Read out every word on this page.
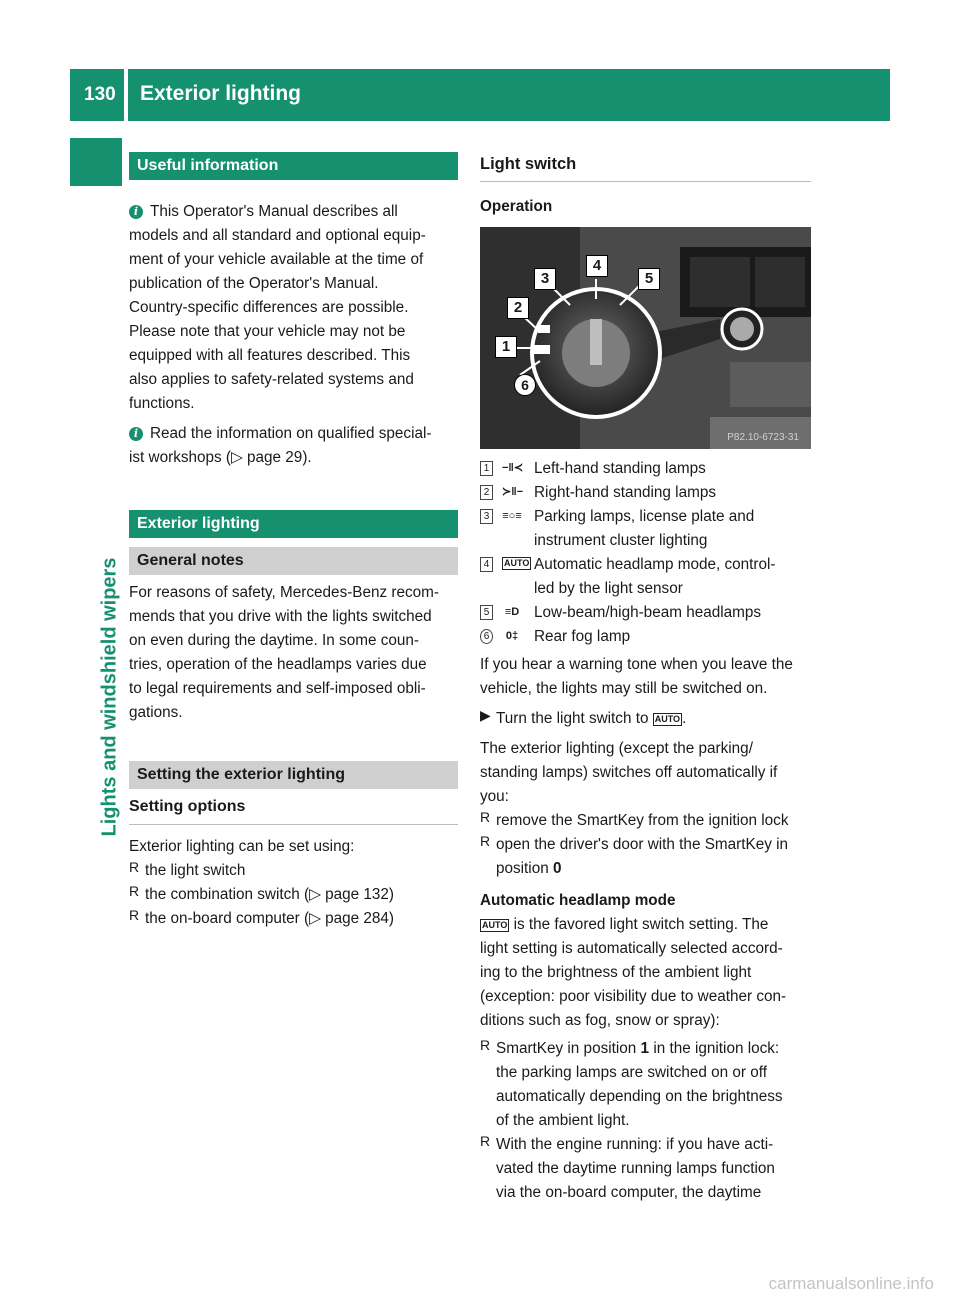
130 Exterior lighting
Lights and windshield wipers
Useful information
i This Operator's Manual describes all

models and all standard and optional equip-

ment of your vehicle available at the time of

publication of the Operator's Manual.

Country-specific differences are possible.

Please note that your vehicle may not be

equipped with all features described. This

also applies to safety-related systems and

functions.

i Read the information on qualified special-

ist workshops (▷ page 29).

Exterior lighting
General notes

For reasons of safety, Mercedes-Benz recom-

mends that you drive with the lights switched

on even during the daytime. In some coun-

tries, operation of the headlamps varies due

to legal requirements and self-imposed obli-

gations.

Setting the exterior lighting
Setting options

Exterior lighting can be set using:

R the light switch

R the combination switch (▷ page 132)

R the on-board computer (▷ page 284)

Light switch

Operation

1
2
3
4
5
6
P82.10-6723-31
1	−‖≺ Left-hand standing lamps

2	≻‖− Right-hand standing lamps

3	≡○≡ Parking lamps, license plate and

instrument cluster lighting

4	AUTO Automatic headlamp mode, control-

led by the light sensor

5	≡D Low-beam/high-beam headlamps

6	0‡ Rear fog lamp

If you hear a warning tone when you leave the

vehicle, the lights may still be switched on.

▶ Turn the light switch to AUTO .

The exterior lighting (except the parking/

standing lamps) switches off automatically if

you:

R remove the SmartKey from the ignition lock

R open the driver's door with the SmartKey in

position 0

Automatic headlamp mode

AUTO is the favored light switch setting. The

light setting is automatically selected accord-

ing to the brightness of the ambient light

(exception: poor visibility due to weather con-

ditions such as fog, snow or spray):

R SmartKey in position 1 in the ignition lock:

the parking lamps are switched on or off

automatically depending on the brightness

of the ambient light.

R With the engine running: if you have acti-

vated the daytime running lamps function

via the on-board computer, the daytime

carmanualsonline.info
